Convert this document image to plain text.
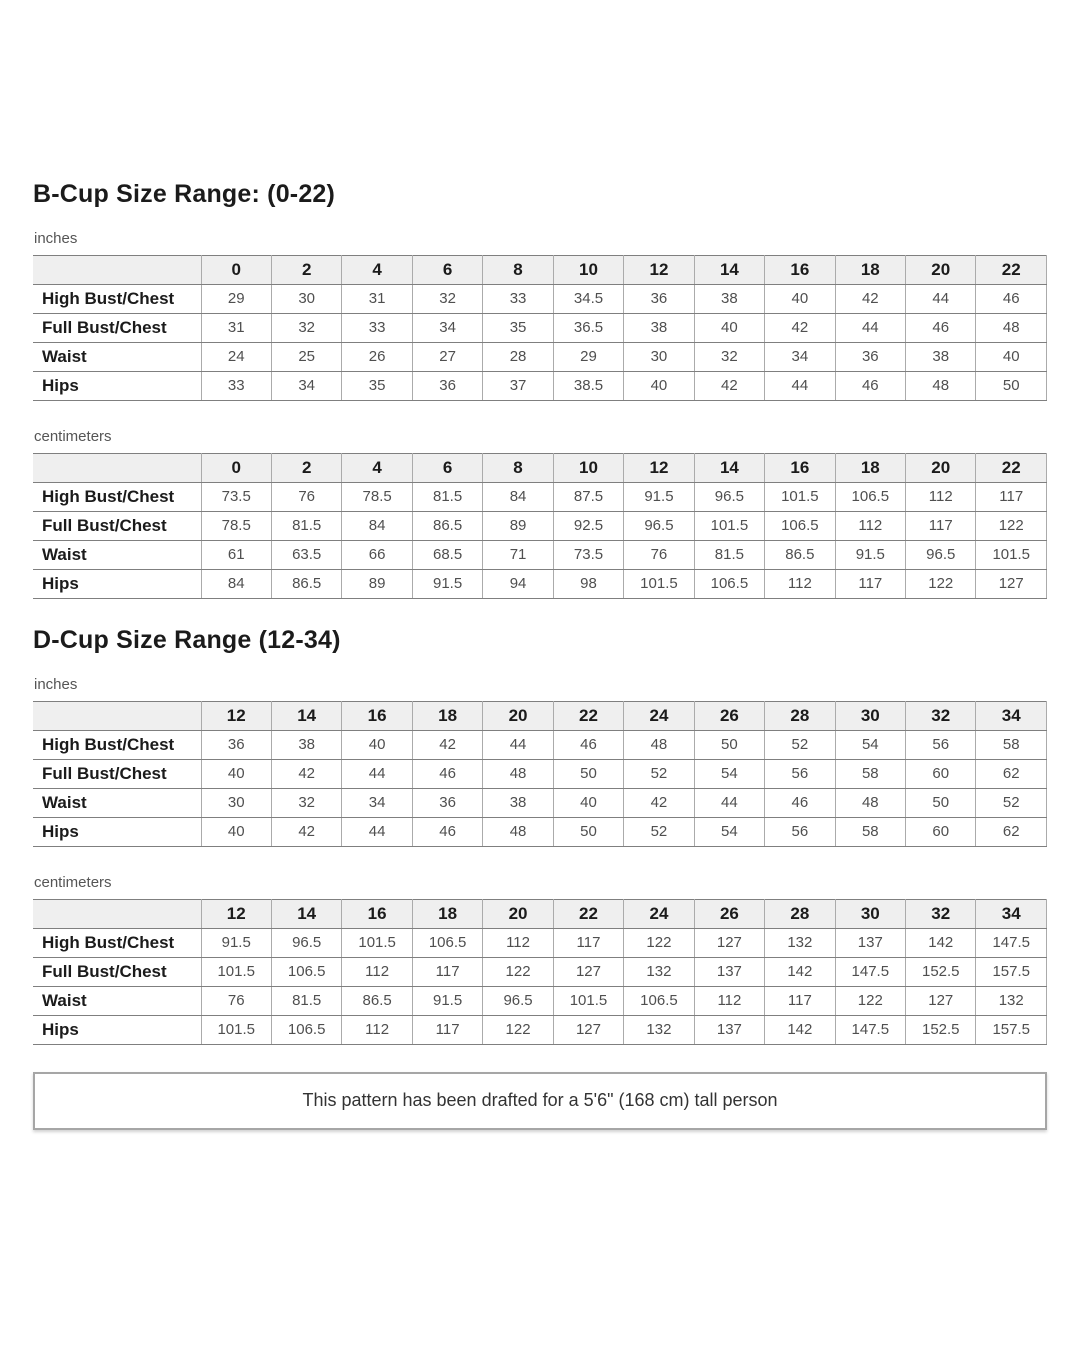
B-Cup Size Range: (0-22)
inches
	0	2	4	6	8	10	12	14	16	18	20	22
High Bust/Chest	29	30	31	32	33	34.5	36	38	40	42	44	46
Full Bust/Chest	31	32	33	34	35	36.5	38	40	42	44	46	48
Waist	24	25	26	27	28	29	30	32	34	36	38	40
Hips	33	34	35	36	37	38.5	40	42	44	46	48	50
centimeters
	0	2	4	6	8	10	12	14	16	18	20	22
High Bust/Chest	73.5	76	78.5	81.5	84	87.5	91.5	96.5	101.5	106.5	112	117
Full Bust/Chest	78.5	81.5	84	86.5	89	92.5	96.5	101.5	106.5	112	117	122
Waist	61	63.5	66	68.5	71	73.5	76	81.5	86.5	91.5	96.5	101.5
Hips	84	86.5	89	91.5	94	98	101.5	106.5	112	117	122	127
D-Cup Size Range (12-34)
inches
	12	14	16	18	20	22	24	26	28	30	32	34
High Bust/Chest	36	38	40	42	44	46	48	50	52	54	56	58
Full Bust/Chest	40	42	44	46	48	50	52	54	56	58	60	62
Waist	30	32	34	36	38	40	42	44	46	48	50	52
Hips	40	42	44	46	48	50	52	54	56	58	60	62
centimeters
	12	14	16	18	20	22	24	26	28	30	32	34
High Bust/Chest	91.5	96.5	101.5	106.5	112	117	122	127	132	137	142	147.5
Full Bust/Chest	101.5	106.5	112	117	122	127	132	137	142	147.5	152.5	157.5
Waist	76	81.5	86.5	91.5	96.5	101.5	106.5	112	117	122	127	132
Hips	101.5	106.5	112	117	122	127	132	137	142	147.5	152.5	157.5
This pattern has been drafted for a 5'6" (168 cm) tall person
